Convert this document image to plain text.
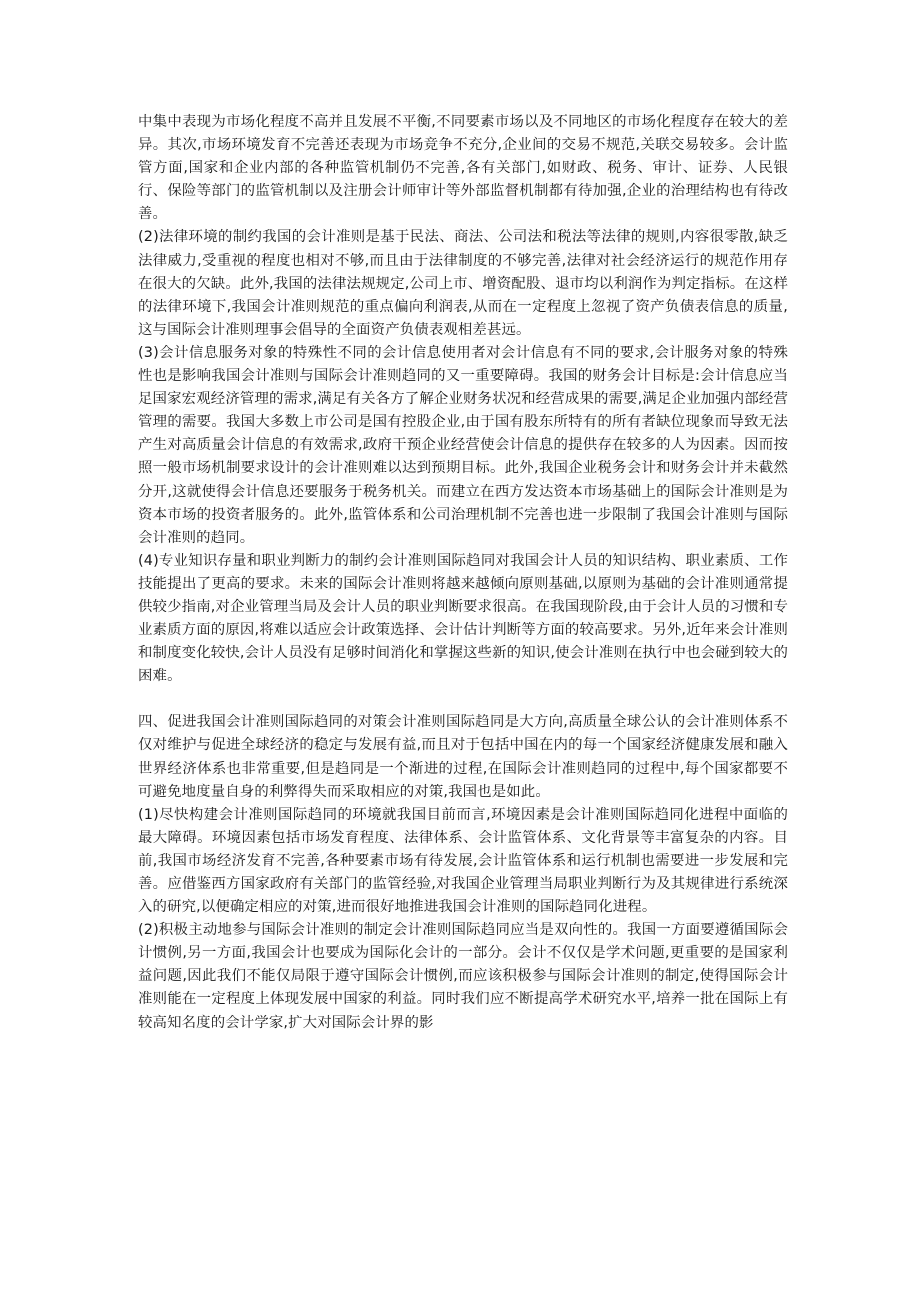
中集中表现为市场化程度不高并且发展不平衡,不同要素市场以及不同地区的市场化程度存在较大的差异。其次,市场环境发育不完善还表现为市场竞争不充分,企业间的交易不规范,关联交易较多。会计监管方面,国家和企业内部的各种监管机制仍不完善,各有关部门,如财政、税务、审计、证券、人民银行、保险等部门的监管机制以及注册会计师审计等外部监督机制都有待加强,企业的治理结构也有待改善。

(2)法律环境的制约我国的会计准则是基于民法、商法、公司法和税法等法律的规则,内容很零散,缺乏法律威力,受重视的程度也相对不够,而且由于法律制度的不够完善,法律对社会经济运行的规范作用存在很大的欠缺。此外,我国的法律法规规定,公司上市、增资配股、退市均以利润作为判定指标。在这样的法律环境下,我国会计准则规范的重点偏向利润表,从而在一定程度上忽视了资产负债表信息的质量,这与国际会计准则理事会倡导的全面资产负债表观相差甚远。

(3)会计信息服务对象的特殊性不同的会计信息使用者对会计信息有不同的要求,会计服务对象的特殊性也是影响我国会计准则与国际会计准则趋同的又一重要障碍。我国的财务会计目标是:会计信息应当足国家宏观经济管理的需求,满足有关各方了解企业财务状况和经营成果的需要,满足企业加强内部经营管理的需要。我国大多数上市公司是国有控股企业,由于国有股东所特有的所有者缺位现象而导致无法产生对高质量会计信息的有效需求,政府干预企业经营使会计信息的提供存在较多的人为因素。因而按照一般市场机制要求设计的会计准则难以达到预期目标。此外,我国企业税务会计和财务会计并未截然分开,这就使得会计信息还要服务于税务机关。而建立在西方发达资本市场基础上的国际会计准则是为资本市场的投资者服务的。此外,监管体系和公司治理机制不完善也进一步限制了我国会计准则与国际会计准则的趋同。

(4)专业知识存量和职业判断力的制约会计准则国际趋同对我国会计人员的知识结构、职业素质、工作技能提出了更高的要求。未来的国际会计准则将越来越倾向原则基础,以原则为基础的会计准则通常提供较少指南,对企业管理当局及会计人员的职业判断要求很高。在我国现阶段,由于会计人员的习惯和专业素质方面的原因,将难以适应会计政策选择、会计估计判断等方面的较高要求。另外,近年来会计准则和制度变化较快,会计人员没有足够时间消化和掌握这些新的知识,使会计准则在执行中也会碰到较大的困难。

四、促进我国会计准则国际趋同的对策会计准则国际趋同是大方向,高质量全球公认的会计准则体系不仅对维护与促进全球经济的稳定与发展有益,而且对于包括中国在内的每一个国家经济健康发展和融入世界经济体系也非常重要,但是趋同是一个渐进的过程,在国际会计准则趋同的过程中,每个国家都要不可避免地度量自身的利弊得失而采取相应的对策,我国也是如此。

(1)尽快构建会计准则国际趋同的环境就我国目前而言,环境因素是会计准则国际趋同化进程中面临的最大障碍。环境因素包括市场发育程度、法律体系、会计监管体系、文化背景等丰富复杂的内容。目前,我国市场经济发育不完善,各种要素市场有待发展,会计监管体系和运行机制也需要进一步发展和完善。应借鉴西方国家政府有关部门的监管经验,对我国企业管理当局职业判断行为及其规律进行系统深入的研究,以便确定相应的对策,进而很好地推进我国会计准则的国际趋同化进程。

(2)积极主动地参与国际会计准则的制定会计准则国际趋同应当是双向性的。我国一方面要遵循国际会计惯例,另一方面,我国会计也要成为国际化会计的一部分。会计不仅仅是学术问题,更重要的是国家利益问题,因此我们不能仅局限于遵守国际会计惯例,而应该积极参与国际会计准则的制定,使得国际会计准则能在一定程度上体现发展中国家的利益。同时我们应不断提高学术研究水平,培养一批在国际上有较高知名度的会计学家,扩大对国际会计界的影
